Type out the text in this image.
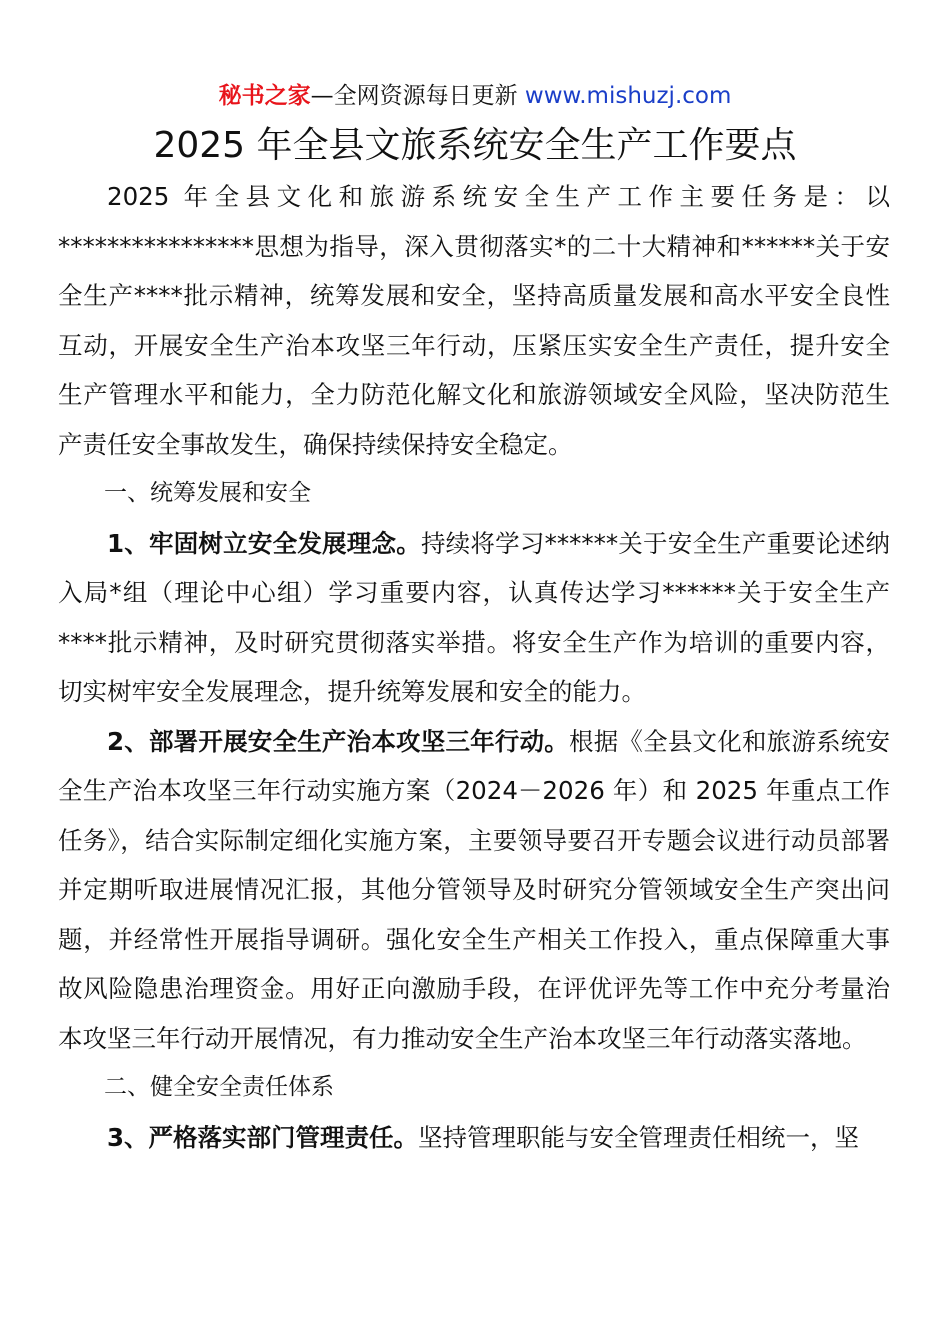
秘书之家—全网资源每日更新 www.mishuzj.com
2025 年全县文旅系统安全生产工作要点

2025 年全县文化和旅游系统安全生产工作主要任务是：以****************思想为指导，深入贯彻落实*的二十大精神和******关于安全生产****批示精神，统筹发展和安全，坚持高质量发展和高水平安全良性互动，开展安全生产治本攻坚三年行动，压紧压实安全生产责任，提升安全生产管理水平和能力，全力防范化解文化和旅游领域安全风险，坚决防范生产责任安全事故发生，确保持续保持安全稳定。

一、统筹发展和安全

1、牢固树立安全发展理念。持续将学习******关于安全生产重要论述纳入局*组（理论中心组）学习重要内容，认真传达学习******关于安全生产****批示精神，及时研究贯彻落实举措。将安全生产作为培训的重要内容，切实树牢安全发展理念，提升统筹发展和安全的能力。

2、部署开展安全生产治本攻坚三年行动。根据《全县文化和旅游系统安全生产治本攻坚三年行动实施方案（2024－2026 年）和 2025 年重点工作任务》，结合实际制定细化实施方案，主要领导要召开专题会议进行动员部署并定期听取进展情况汇报，其他分管领导及时研究分管领域安全生产突出问题，并经常性开展指导调研。强化安全生产相关工作投入，重点保障重大事故风险隐患治理资金。用好正向激励手段，在评优评先等工作中充分考量治本攻坚三年行动开展情况，有力推动安全生产治本攻坚三年行动落实落地。

二、健全安全责任体系

3、严格落实部门管理责任。坚持管理职能与安全管理责任相统一，坚
